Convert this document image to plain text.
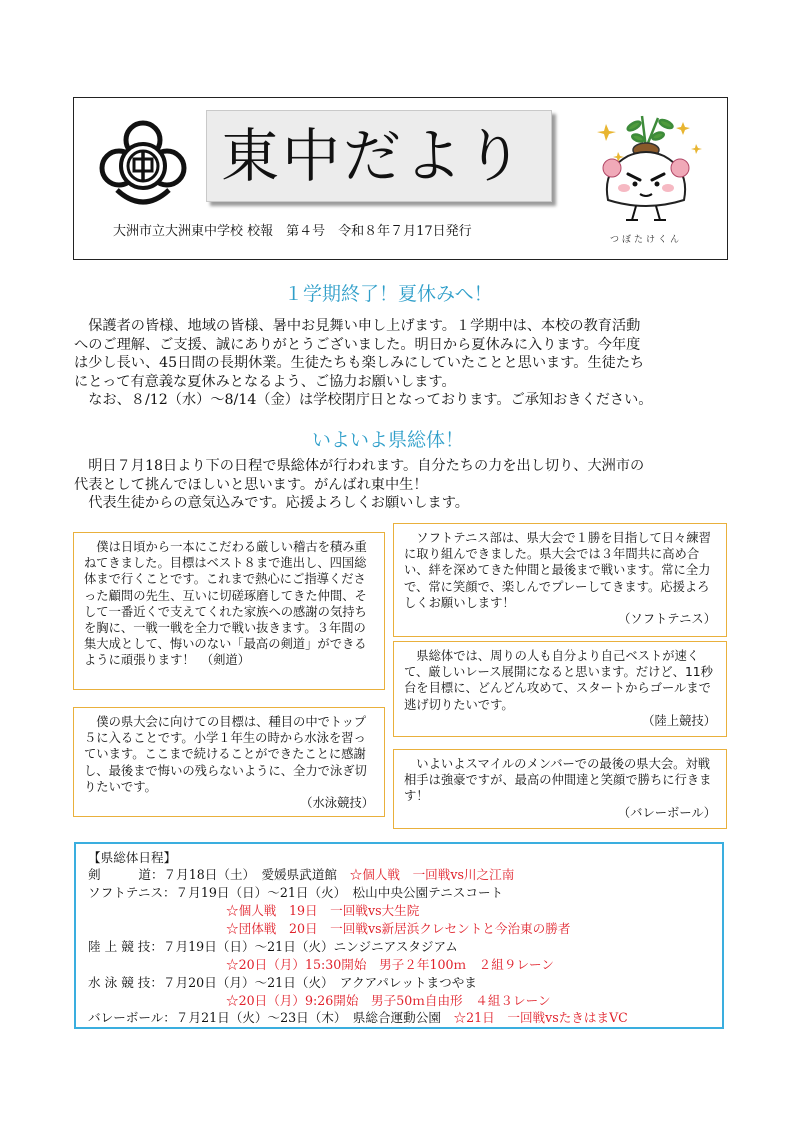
東中だより
大洲市立大洲東中学校 校報　第４号　令和８年７月17日発行
つぼたけくん
１学期終了！夏休みへ！
　保護者の皆様、地域の皆様、暑中お見舞い申し上げます。１学期中は、本校の教育活動
へのご理解、ご支援、誠にありがとうございました。明日から夏休みに入ります。今年度
は少し長い、45日間の長期休業。生徒たちも楽しみにしていたことと思います。生徒たち
にとって有意義な夏休みとなるよう、ご協力お願いします。
　なお、８/12（水）～8/14（金）は学校閉庁日となっております。ご承知おきください。
いよいよ県総体！
　明日７月18日より下の日程で県総体が行われます。自分たちの力を出し切り、大洲市の
代表として挑んでほしいと思います。がんばれ東中生！
　代表生徒からの意気込みです。応援よろしくお願いします。

僕は日頃から一本にこだわる厳しい稽古を積み重ねてきました。目標はベスト８まで進出し、四国総体まで行くことです。これまで熱心にご指導くださった顧問の先生、互いに切磋琢磨してきた仲間、そして一番近くで支えてくれた家族への感謝の気持ちを胸に、一戦一戦を全力で戦い抜きます。３年間の集大成として、悔いのない「最高の剣道」ができるように頑張ります！　（剣道）

ソフトテニス部は、県大会で１勝を目指して日々練習に取り組んできました。県大会では３年間共に高め合い、絆を深めてきた仲間と最後まで戦います。常に全力で、常に笑顔で、楽しんでプレーしてきます。応援よろしくお願いします！

（ソフトテニス）

県総体では、周りの人も自分より自己ベストが速くて、厳しいレース展開になると思います。だけど、11秒台を目標に、どんどん攻めて、スタートからゴールまで逃げ切りたいです。

（陸上競技）

僕の県大会に向けての目標は、種目の中でトップ５に入ることです。小学１年生の時から水泳を習っています。ここまで続けることができたことに感謝し、最後まで悔いの残らないように、全力で泳ぎ切りたいです。

（水泳競技）

いよいよスマイルのメンバーでの最後の県大会。対戦相手は強豪ですが、最高の仲間達と笑顔で勝ちに行きます！

（バレーボール）

【県総体日程】
剣　　　道：７月18日（土）　愛媛県武道館　 ☆個人戦　一回戦vs川之江南
ソフトテニス：７月19日（日）～21日（火）　松山中央公園テニスコート
☆個人戦　19日　一回戦vs大生院
☆団体戦　20日　一回戦vs新居浜クレセントと今治東の勝者
陸 上 競 技：７月19日（日）～21日（火）ニンジニアスタジアム
☆20日（月）15:30開始　男子２年100ｍ　２組９レーン
水 泳 競 技：７月20日（月）～21日（火）　アクアパレットまつやま
☆20日（月）9:26開始　男子50ｍ自由形　４組３レーン
バレーボール：７月21日（火）～23日（木）　県総合運動公園　 ☆21日　一回戦vsたきはまVC
